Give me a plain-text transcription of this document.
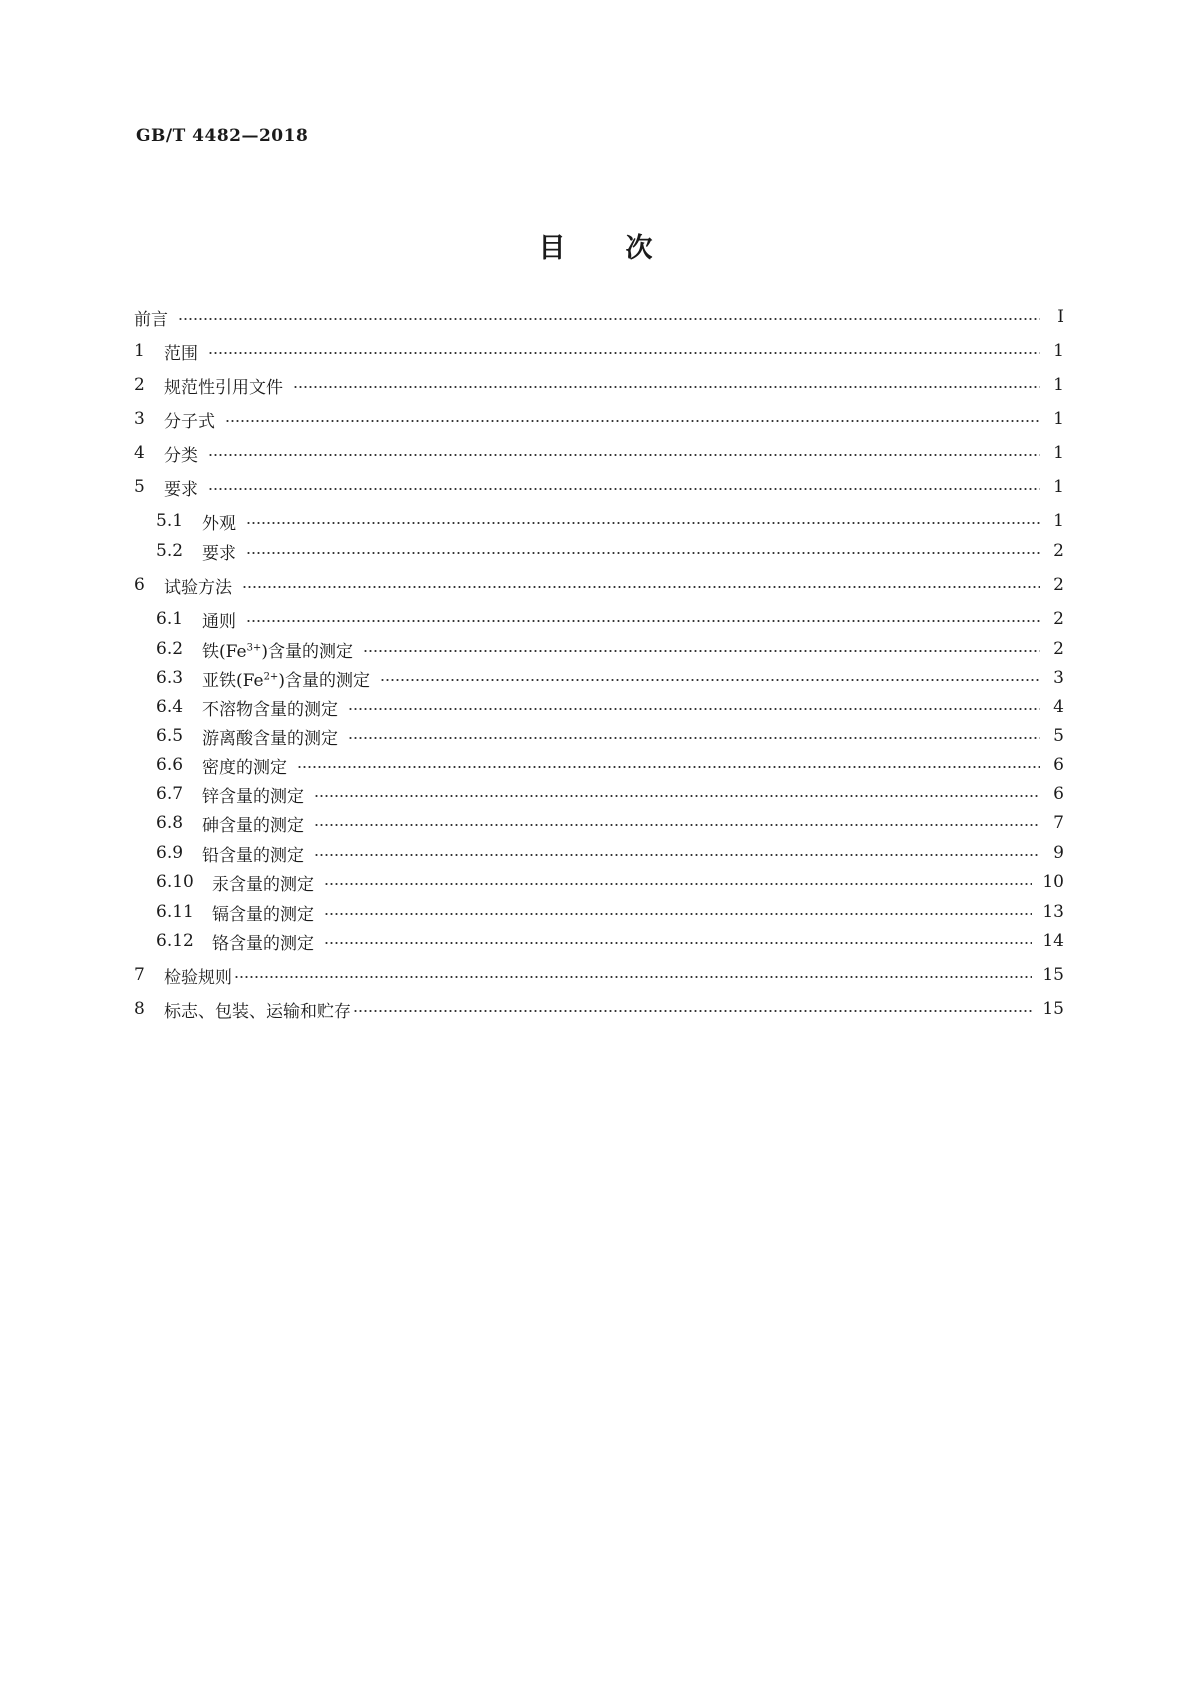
GB/T 4482—2018
目次
前言	Ⅰ
1	范围	1
2	规范性引用文件	1
3	分子式	1
4	分类	1
5	要求	1
5.1	外观	1
5.2	要求	2
6	试验方法	2
6.1	通则	2
6.2	铁$(Fe^{3+})$含量的测定	2
6.3	亚铁$(Fe^{2+})$含量的测定	3
6.4	不溶物含量的测定	4
6.5	游离酸含量的测定	5
6.6	密度的测定	6
6.7	锌含量的测定	6
6.8	砷含量的测定	7
6.9	铅含量的测定	9
6.10	汞含量的测定	10
6.11	镉含量的测定	13
6.12	铬含量的测定	14
7	检验规则	15
8	标志、包装、运输和贮存	15
